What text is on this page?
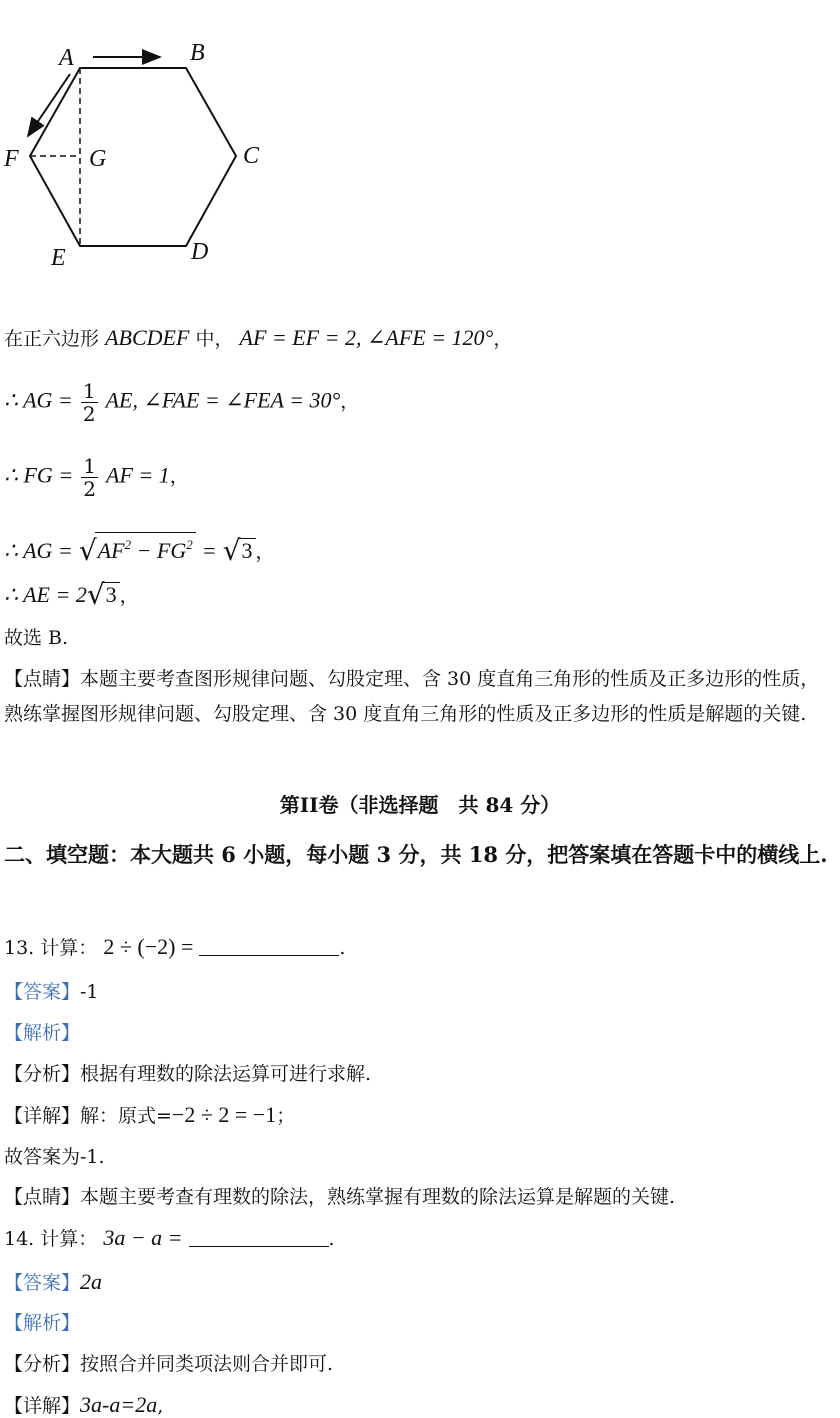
A	B
C
D
E
F	G
在正六边形 ABCDEF 中， AF = EF = 2, ∠AFE = 120°，
∴ AG = $\frac{1}{2}$ AE, ∠FAE = ∠FEA = 30°，
∴ FG = $\frac{1}{2}$ AF = 1，
∴ AG = $√AF^2 - FG^2 = √3$ ，
∴ AE = 2√3 ，
故选 B.
【点睛】本题主要考查图形规律问题、勾股定理、含 30 度直角三角形的性质及正多边形的性质，熟练掌握图形规律问题、勾股定理、含 30 度直角三角形的性质及正多边形的性质是解题的关键.
第II卷（非选择题　共 84 分）
二、填空题：本大题共 6 小题，每小题 3 分，共 18 分，把答案填在答题卡中的横线上.
13. 计算： 2 ÷ (−2) =	.
【答案】-1
【解析】
【分析】根据有理数的除法运算可进行求解.
【详解】解：原式=−2 ÷ 2 = −1；
故答案为-1.
【点睛】本题主要考查有理数的除法，熟练掌握有理数的除法运算是解题的关键.
14. 计算： 3a − a =	.
【答案】2a
【解析】
【分析】按照合并同类项法则合并即可.
【详解】3a-a=2a,
